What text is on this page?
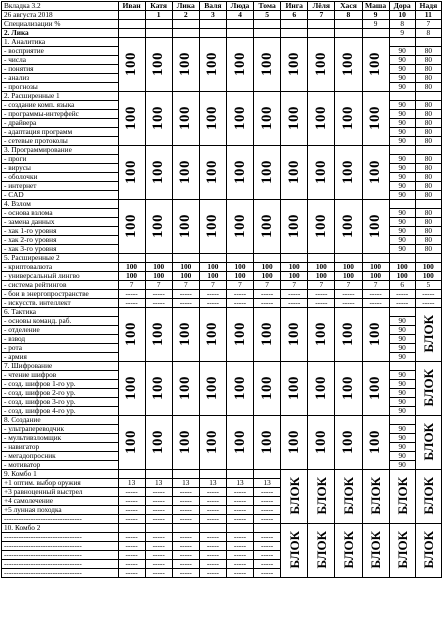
Вкладка 3.2	Иван	Катя	Лика	Валя	Люда	Тома	Инга	Лёля	Хася	Маша	Дора	Надя
26 августа 2018		1	2	3	4	5	6	7	8	9	10	11
Специализации %										9	8	7
2. Лика											9	8
1. Аналитика	100	100	100	100	100	100	100	100	100	100		
- восприятие											90	80
- числа											90	80
- понятия											90	80
- анализ											90	80
- прогнозы											90	80
2. Расширенные 1	100	100	100	100	100	100	100	100	100	100		
- создание комп. языка											90	80
- программы-интерфейс											90	80
- драйвера											90	80
- адаптация программ											90	80
- сетевые протоколы											90	80
3. Программирование	100	100	100	100	100	100	100	100	100	100		
- проги											90	80
- вирусы											90	80
- оболочки											90	80
- интернет											90	80
- CAD											90	80
4. Взлом	100	100	100	100	100	100	100	100	100	100		
- основа взлома											90	80
- замена данных											90	80
- хак 1-го уровня											90	80
- хак 2-го уровня											90	80
- хак 3-го уровня											90	80
5. Расширенные 2												
- криптовалюта	100	100	100	100	100	100	100	100	100	100	100	100
- универсальный лингво	100	100	100	100	100	100	100	100	100	100	100	100
- система рейтингов	7	7	7	7	7	7	7	7	7	7	6	5
- бои в энергопространстве	-----	-----	-----	-----	-----	-----	-----	-----	-----	-----	-----	-----
- искусств. интеллект	-----	-----	-----	-----	-----	-----	-----	-----	-----	-----	-----	-----
6. Тактика	100	100	100	100	100	100	100	100	100	100		БЛОК
- основы команд. раб.											90	
- отделение											90	
- взвод											90	
- рота											90	
- армия											90	
7. Шифрование	100	100	100	100	100	100	100	100	100	100		БЛОК
- чтение шифров											90	
- созд. шифров 1-го ур.											90	
- созд. шифров 2-го ур.											90	
- созд. шифров 3-го ур.											90	
- созд. шифров 4-го ур.											90	
8. Создание	100	100	100	100	100	100	100	100	100	100		БЛОК
- ультрапереводчик											90	
- мультивзломщик											90	
- навигатор											90	
- мегадопросник											90	
- мотиватор											90	
9. Комбо 1							БЛОК	БЛОК	БЛОК	БЛОК	БЛОК	БЛОК
+1 оптим. выбор оружия	13	13	13	13	13	13						
+3 равноценный выстрел	-----	-----	-----	-----	-----	-----						
+4 самолечение	-----	-----	-----	-----	-----	-----						
+5 лунная походка	-----	-----	-----	-----	-----	-----						
--------------------------------	-----	-----	-----	-----	-----	-----						
10. Комбо 2							БЛОК	БЛОК	БЛОК	БЛОК	БЛОК	БЛОК
--------------------------------	-----	-----	-----	-----	-----	-----						
--------------------------------	-----	-----	-----	-----	-----	-----						
--------------------------------	-----	-----	-----	-----	-----	-----						
--------------------------------	-----	-----	-----	-----	-----	-----						
--------------------------------	-----	-----	-----	-----	-----	-----						
